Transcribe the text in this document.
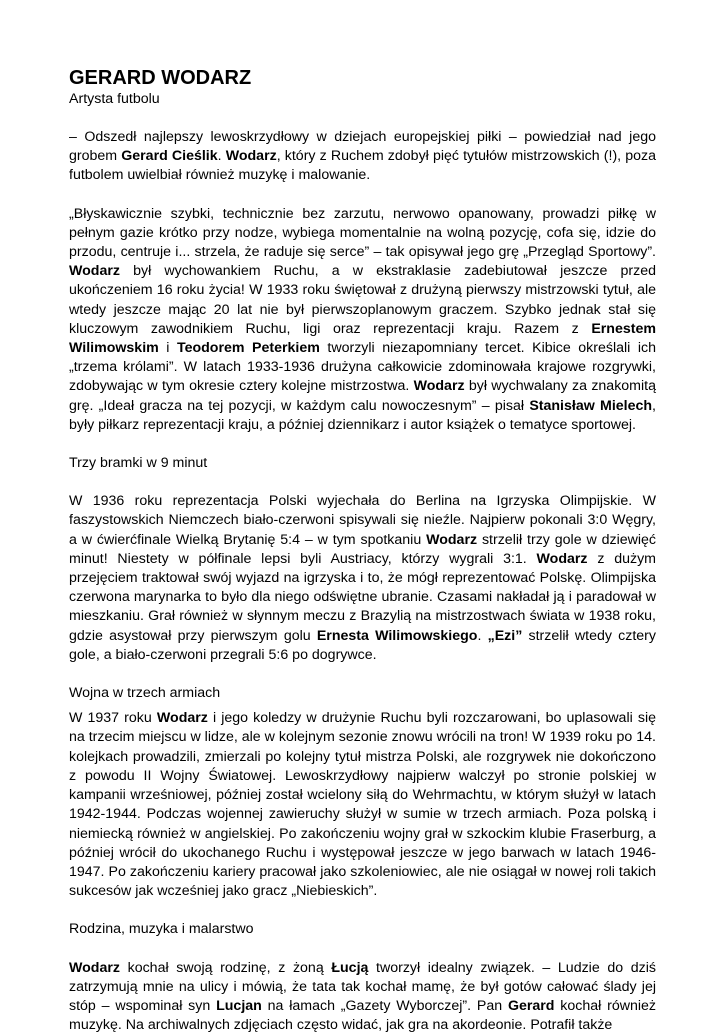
GERARD WODARZ
Artysta futbolu

– Odszedł najlepszy lewoskrzydłowy w dziejach europejskiej piłki – powiedział nad jego grobem Gerard Cieślik. Wodarz, który z Ruchem zdobył pięć tytułów mistrzowskich (!), poza futbolem uwielbiał również muzykę i malowanie.

„Błyskawicznie szybki, technicznie bez zarzutu, nerwowo opanowany, prowadzi piłkę w pełnym gazie krótko przy nodze, wybiega momentalnie na wolną pozycję, cofa się, idzie do przodu, centruje i... strzela, że raduje się serce” – tak opisywał jego grę „Przegląd Sportowy”. Wodarz był wychowankiem Ruchu, a w ekstraklasie zadebiutował jeszcze przed ukończeniem 16 roku życia! W 1933 roku świętował z drużyną pierwszy mistrzowski tytuł, ale wtedy jeszcze mając 20 lat nie był pierwszoplanowym graczem. Szybko jednak stał się kluczowym zawodnikiem Ruchu, ligi oraz reprezentacji kraju. Razem z Ernestem Wilimowskim i Teodorem Peterkiem tworzyli niezapomniany tercet. Kibice określali ich „trzema królami”. W latach 1933-1936 drużyna całkowicie zdominowała krajowe rozgrywki, zdobywając w tym okresie cztery kolejne mistrzostwa. Wodarz był wychwalany za znakomitą grę. „Ideał gracza na tej pozycji, w każdym calu nowoczesnym” – pisał Stanisław Mielech, były piłkarz reprezentacji kraju, a później dziennikarz i autor książek o tematyce sportowej.

Trzy bramki w 9 minut

W 1936 roku reprezentacja Polski wyjechała do Berlina na Igrzyska Olimpijskie. W faszystowskich Niemczech biało-czerwoni spisywali się nieźle. Najpierw pokonali 3:0 Węgry, a w ćwierćfinale Wielką Brytanię 5:4 – w tym spotkaniu Wodarz strzelił trzy gole w dziewięć minut! Niestety w półfinale lepsi byli Austriacy, którzy wygrali 3:1. Wodarz z dużym przejęciem traktował swój wyjazd na igrzyska i to, że mógł reprezentować Polskę. Olimpijska czerwona marynarka to było dla niego odświętne ubranie. Czasami nakładał ją i paradował w mieszkaniu. Grał również w słynnym meczu z Brazylią na mistrzostwach świata w 1938 roku, gdzie asystował przy pierwszym golu Ernesta Wilimowskiego. „Ezi” strzelił wtedy cztery gole, a biało-czerwoni przegrali 5:6 po dogrywce.

Wojna w trzech armiach

W 1937 roku Wodarz i jego koledzy w drużynie Ruchu byli rozczarowani, bo uplasowali się na trzecim miejscu w lidze, ale w kolejnym sezonie znowu wrócili na tron! W 1939 roku po 14. kolejkach prowadzili, zmierzali po kolejny tytuł mistrza Polski, ale rozgrywek nie dokończono z powodu II Wojny Światowej. Lewoskrzydłowy najpierw walczył po stronie polskiej w kampanii wrześniowej, później został wcielony siłą do Wehrmachtu, w którym służył w latach 1942-1944. Podczas wojennej zawieruchy służył w sumie w trzech armiach. Poza polską i niemiecką również w angielskiej. Po zakończeniu wojny grał w szkockim klubie Fraserburg, a później wrócił do ukochanego Ruchu i występował jeszcze w jego barwach w latach 1946-1947. Po zakończeniu kariery pracował jako szkoleniowiec, ale nie osiągał w nowej roli takich sukcesów jak wcześniej jako gracz „Niebieskich”.

Rodzina, muzyka i malarstwo

Wodarz kochał swoją rodzinę, z żoną Łucją tworzył idealny związek. – Ludzie do dziś zatrzymują mnie na ulicy i mówią, że tata tak kochał mamę, że był gotów całować ślady jej stóp – wspominał syn Lucjan na łamach „Gazety Wyborczej”. Pan Gerard kochał również muzykę. Na archiwalnych zdjęciach często widać, jak gra na akordeonie. Potrafił także
